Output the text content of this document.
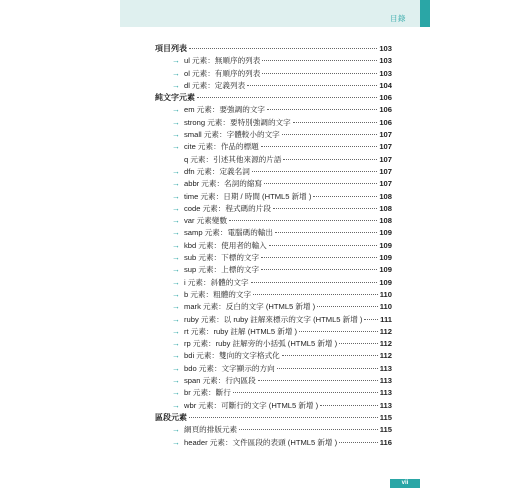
目錄
項目列表	103
→ ul 元素：無順序的列表	103
→ ol 元素：有順序的列表	103
→ dl 元素：定義列表	104
純文字元素	106
→ em 元素：要強調的文字	106
→ strong 元素：要特別強調的文字	106
→ small 元素：字體較小的文字	107
→ cite 元素：作品的標題	107
q 元素：引述其他來源的片語	107
→ dfn 元素：定義名詞	107
→ abbr 元素：名詞的縮寫	107
→ time 元素：日期 / 時間 (HTML5 新增 )	108
→ code 元素：程式碼的片段	108
→ var 元素變數	108
→ samp 元素：電腦碼的輸出	109
→ kbd 元素：使用者的輸入	109
→ sub 元素：下標的文字	109
→ sup 元素：上標的文字	109
→ i 元素：斜體的文字	109
→ b 元素：粗體的文字	110
→ mark 元素：反白的文字 (HTML5 新增 )	110
→ ruby 元素：以 ruby 註解來標示的文字 (HTML5 新增 ) 111
→ rt 元素：ruby 註解 (HTML5 新增 )	112
→ rp 元素：ruby 註解旁的小括弧 (HTML5 新增 )	112
→ bdi 元素：雙向的文字格式化	112
→ bdo 元素：文字顯示的方向	113
→ span 元素：行內區段	113
→ br 元素：斷行	113
→ wbr 元素：可斷行的文字 (HTML5 新增 )	113
區段元素	115
→ 網頁的排版元素	115
→ header 元素：文件區段的表頭 (HTML5 新增 )	116
vii
